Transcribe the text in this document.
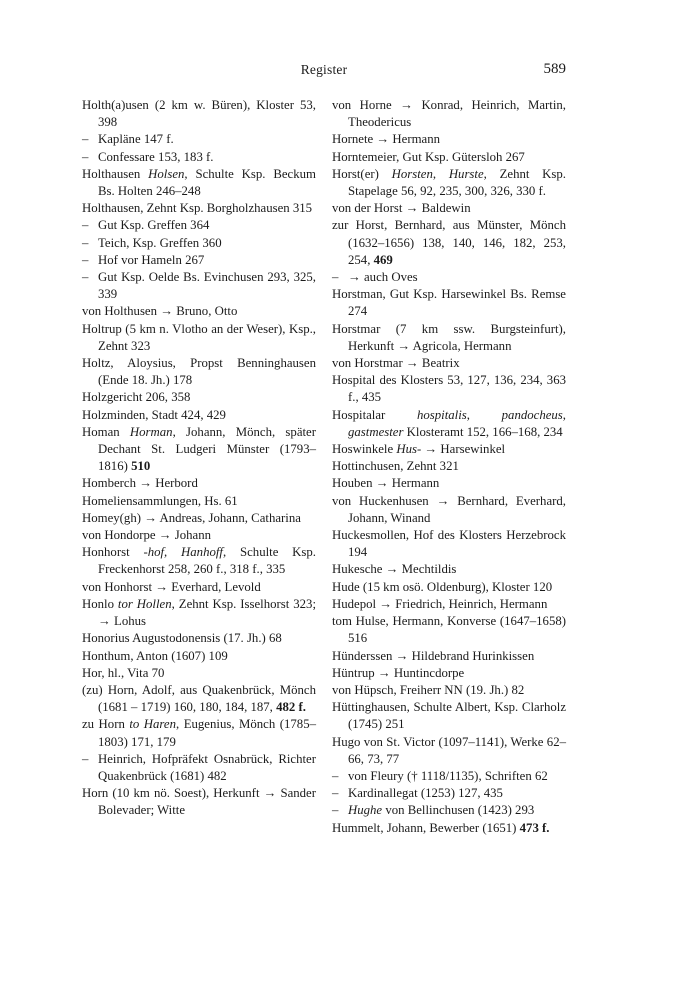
Register	589

Holth(a)usen (2 km w. Büren), Kloster 53, 398

– Kapläne 147 f.

– Confessare 153, 183 f.

Holthausen Holsen, Schulte Ksp. Beckum Bs. Holten 246–248

Holthausen, Zehnt Ksp. Borgholzhausen 315

– Gut Ksp. Greffen 364

– Teich, Ksp. Greffen 360

– Hof vor Hameln 267

– Gut Ksp. Oelde Bs. Evinchusen 293, 325, 339

von Holthusen → Bruno, Otto

Holtrup (5 km n. Vlotho an der Weser), Ksp., Zehnt 323

Holtz, Aloysius, Propst Benninghausen (Ende 18. Jh.) 178

Holzgericht 206, 358

Holzminden, Stadt 424, 429

Homan Horman, Johann, Mönch, später Dechant St. Ludgeri Münster (1793–1816) 510

Homberch → Herbord

Homeliensammlungen, Hs. 61

Homey(gh) → Andreas, Johann, Catharina

von Hondorpe → Johann

Honhorst -hof, Hanhoff, Schulte Ksp. Freckenhorst 258, 260 f., 318 f., 335

von Honhorst → Everhard, Levold

Honlo tor Hollen, Zehnt Ksp. Isselhorst 323; → Lohus

Honorius Augustodonensis (17. Jh.) 68

Honthum, Anton (1607) 109

Hor, hl., Vita 70

(zu) Horn, Adolf, aus Quakenbrück, Mönch (1681 – 1719) 160, 180, 184, 187, 482 f.

zu Horn to Haren, Eugenius, Mönch (1785–1803) 171, 179

– Heinrich, Hofpräfekt Osnabrück, Richter Quakenbrück (1681) 482

Horn (10 km nö. Soest), Herkunft → Sander Bolevader; Witte

von Horne → Konrad, Heinrich, Martin, Theodericus

Hornete → Hermann

Horntemeier, Gut Ksp. Gütersloh 267

Horst(er) Horsten, Hurste, Zehnt Ksp. Stapelage 56, 92, 235, 300, 326, 330 f.

von der Horst → Baldewin

zur Horst, Bernhard, aus Münster, Mönch (1632–1656) 138, 140, 146, 182, 253, 254, 469

– → auch Oves

Horstman, Gut Ksp. Harsewinkel Bs. Remse 274

Horstmar (7 km ssw. Burgsteinfurt), Herkunft → Agricola, Hermann

von Horstmar → Beatrix

Hospital des Klosters 53, 127, 136, 234, 363 f., 435

Hospitalar hospitalis, pandocheus, gastmester Klosteramt 152, 166–168, 234

Hoswinkele Hus- → Harsewinkel

Hottinchusen, Zehnt 321

Houben → Hermann

von Huckenhusen → Bernhard, Everhard, Johann, Winand

Huckesmollen, Hof des Klosters Herzebrock 194

Hukesche → Mechtildis

Hude (15 km osö. Oldenburg), Kloster 120

Hudepol → Friedrich, Heinrich, Hermann

tom Hulse, Hermann, Konverse (1647–1658) 516

Hünderssen → Hildebrand Hurinkissen

Hüntrup → Huntincdorpe

von Hüpsch, Freiherr NN (19. Jh.) 82

Hüttinghausen, Schulte Albert, Ksp. Clarholz (1745) 251

Hugo von St. Victor (1097–1141), Werke 62–66, 73, 77

– von Fleury († 1118/1135), Schriften 62

– Kardinallegat (1253) 127, 435

– Hughe von Bellinchusen (1423) 293

Hummelt, Johann, Bewerber (1651) 473 f.
